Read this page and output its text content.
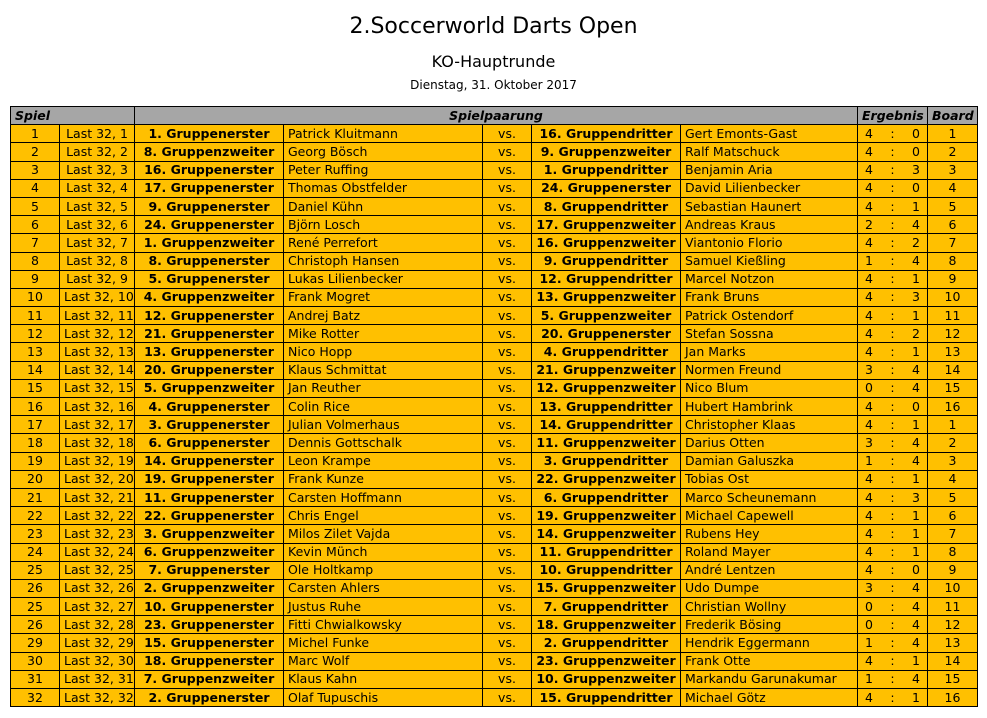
2.Soccerworld Darts Open
KO-Hauptrunde
Dienstag, 31. Oktober 2017
Spiel		Spielpaarung					Ergebnis	Board
1	Last 32, 1	1. Gruppenerster	Patrick Kluitmann	vs.	16. Gruppendritter	Gert Emonts-Gast	4 : 0	1
2	Last 32, 2	8. Gruppenzweiter	Georg Bösch	vs.	9. Gruppenzweiter	Ralf Matschuck	4 : 0	2
3	Last 32, 3	16. Gruppenerster	Peter Ruffing	vs.	1. Gruppendritter	Benjamin Aria	4 : 3	3
4	Last 32, 4	17. Gruppenerster	Thomas Obstfelder	vs.	24. Gruppenerster	David Lilienbecker	4 : 0	4
5	Last 32, 5	9. Gruppenerster	Daniel Kühn	vs.	8. Gruppendritter	Sebastian Haunert	4 : 1	5
6	Last 32, 6	24. Gruppenerster	Björn Losch	vs.	17. Gruppenzweiter	Andreas Kraus	2 : 4	6
7	Last 32, 7	1. Gruppenzweiter	René Perrefort	vs.	16. Gruppenzweiter	Viantonio Florio	4 : 2	7
8	Last 32, 8	8. Gruppenerster	Christoph Hansen	vs.	9. Gruppendritter	Samuel Kießling	1 : 4	8
9	Last 32, 9	5. Gruppenerster	Lukas Lilienbecker	vs.	12. Gruppendritter	Marcel Notzon	4 : 1	9
10	Last 32, 10	4. Gruppenzweiter	Frank Mogret	vs.	13. Gruppenzweiter	Frank Bruns	4 : 3	10
11	Last 32, 11	12. Gruppenerster	Andrej Batz	vs.	5. Gruppenzweiter	Patrick Ostendorf	4 : 1	11
12	Last 32, 12	21. Gruppenerster	Mike Rotter	vs.	20. Gruppenerster	Stefan Sossna	4 : 2	12
13	Last 32, 13	13. Gruppenerster	Nico Hopp	vs.	4. Gruppendritter	Jan Marks	4 : 1	13
14	Last 32, 14	20. Gruppenerster	Klaus Schmittat	vs.	21. Gruppenzweiter	Normen Freund	3 : 4	14
15	Last 32, 15	5. Gruppenzweiter	Jan Reuther	vs.	12. Gruppenzweiter	Nico Blum	0 : 4	15
16	Last 32, 16	4. Gruppenerster	Colin Rice	vs.	13. Gruppendritter	Hubert Hambrink	4 : 0	16
17	Last 32, 17	3. Gruppenerster	Julian Volmerhaus	vs.	14. Gruppendritter	Christopher Klaas	4 : 1	1
18	Last 32, 18	6. Gruppenerster	Dennis Gottschalk	vs.	11. Gruppenzweiter	Darius Otten	3 : 4	2
19	Last 32, 19	14. Gruppenerster	Leon Krampe	vs.	3. Gruppendritter	Damian Galuszka	1 : 4	3
20	Last 32, 20	19. Gruppenerster	Frank Kunze	vs.	22. Gruppenzweiter	Tobias Ost	4 : 1	4
21	Last 32, 21	11. Gruppenerster	Carsten Hoffmann	vs.	6. Gruppendritter	Marco Scheunemann	4 : 3	5
22	Last 32, 22	22. Gruppenerster	Chris Engel	vs.	19. Gruppenzweiter	Michael Capewell	4 : 1	6
23	Last 32, 23	3. Gruppenzweiter	Milos Zilet Vajda	vs.	14. Gruppenzweiter	Rubens Hey	4 : 1	7
24	Last 32, 24	6. Gruppenzweiter	Kevin Münch	vs.	11. Gruppendritter	Roland Mayer	4 : 1	8
25	Last 32, 25	7. Gruppenerster	Ole Holtkamp	vs.	10. Gruppendritter	André Lentzen	4 : 0	9
26	Last 32, 26	2. Gruppenzweiter	Carsten Ahlers	vs.	15. Gruppenzweiter	Udo Dumpe	3 : 4	10
25	Last 32, 27	10. Gruppenerster	Justus Ruhe	vs.	7. Gruppendritter	Christian Wollny	0 : 4	11
26	Last 32, 28	23. Gruppenerster	Fitti Chwialkowsky	vs.	18. Gruppenzweiter	Frederik Bösing	0 : 4	12
29	Last 32, 29	15. Gruppenerster	Michel Funke	vs.	2. Gruppendritter	Hendrik Eggermann	1 : 4	13
30	Last 32, 30	18. Gruppenerster	Marc Wolf	vs.	23. Gruppenzweiter	Frank Otte	4 : 1	14
31	Last 32, 31	7. Gruppenzweiter	Klaus Kahn	vs.	10. Gruppenzweiter	Markandu Garunakumar	1 : 4	15
32	Last 32, 32	2. Gruppenerster	Olaf Tupuschis	vs.	15. Gruppendritter	Michael Götz	4 : 1	16
